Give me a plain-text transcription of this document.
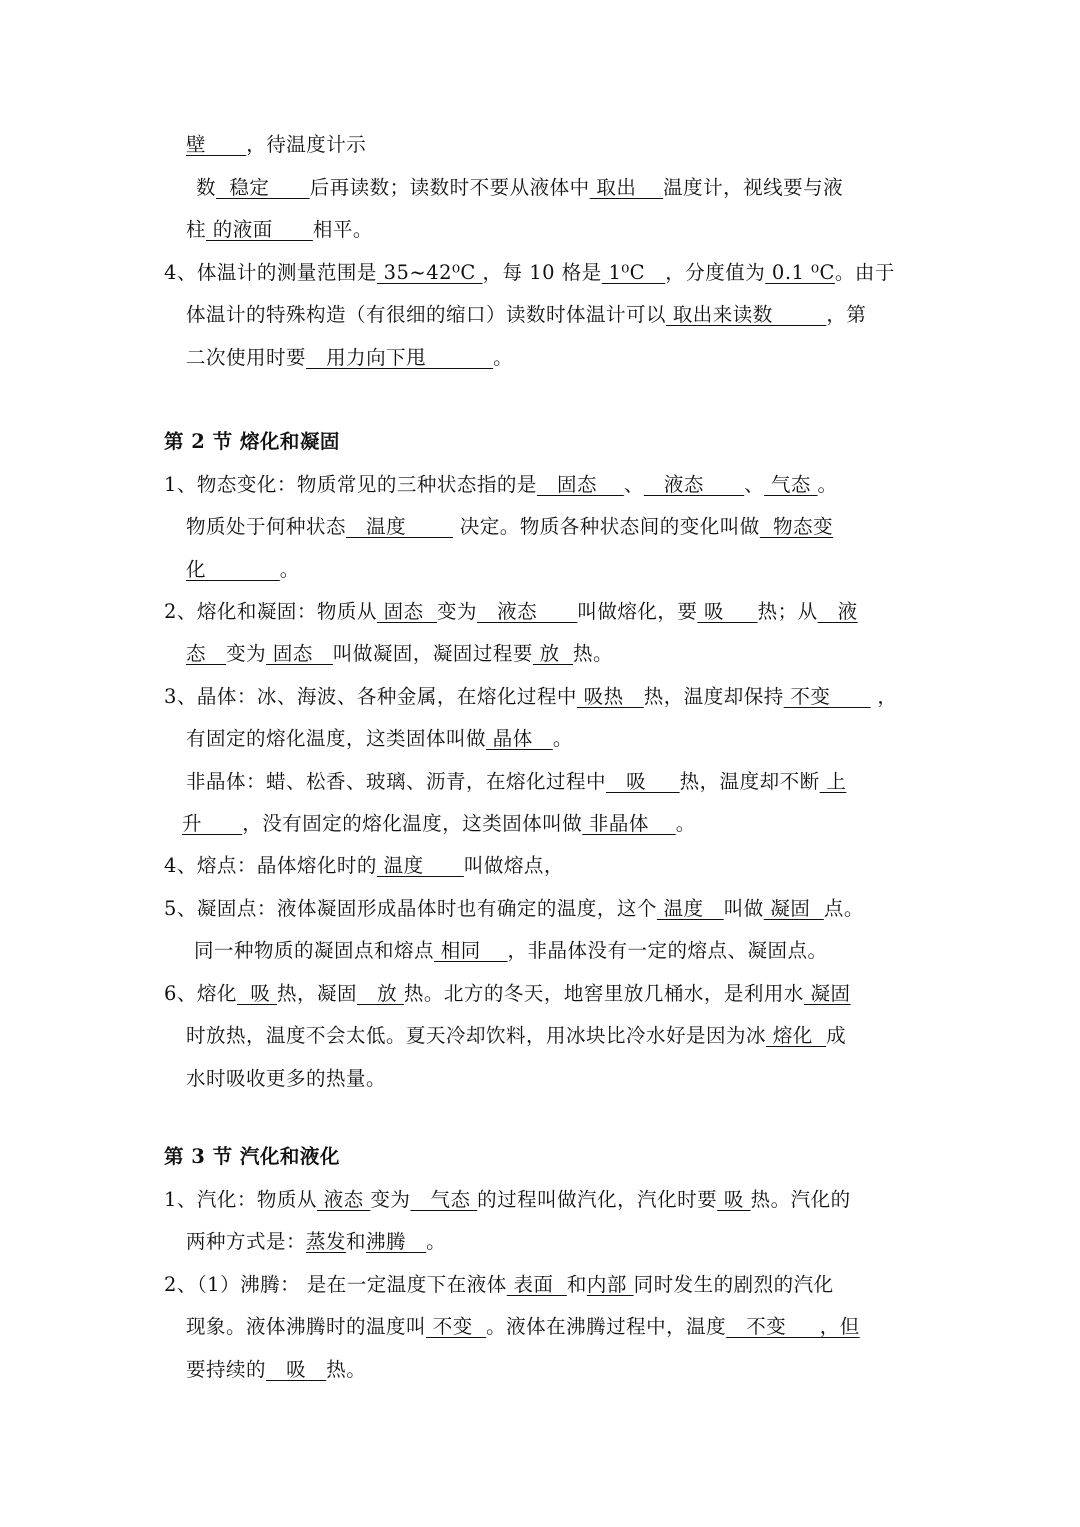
壁      ，待温度计示
数  稳定      后再读数；读数时不要从液体中 取出    温度计，视线要与液
柱 的液面      相平。
4、体温计的测量范围是 35~42⁰C ，每 10 格是 1⁰C   ，分度值为 0.1 ⁰C。由于
体温计的特殊构造（有很细的缩口）读数时体温计可以 取出来读数        ，第
二次使用时要   用力向下甩          。
第 2 节 熔化和凝固
1、物态变化：物质常见的三种状态指的是   固态    、   液态      、 气态 。
物质处于何种状态   温度        决定。物质各种状态间的变化叫做  物态变
化           。
2、熔化和凝固：物质从 固态  变为   液态      叫做熔化，要 吸     热；从   液
态   变为 固态   叫做凝固，凝固过程要 放  热。
3、晶体：冰、海波、各种金属，在熔化过程中 吸热   热，温度却保持 不变       ，
有固定的熔化温度，这类固体叫做 晶体   。
非晶体：蜡、松香、玻璃、沥青，在熔化过程中   吸     热，温度却不断 上
升      ，没有固定的熔化温度，这类固体叫做 非晶体    。
4、熔点：晶体熔化时的 温度      叫做熔点，
5、凝固点：液体凝固形成晶体时也有确定的温度，这个 温度   叫做 凝固  点。
同一种物质的凝固点和熔点 相同    ，非晶体没有一定的熔点、凝固点。
6、熔化  吸 热，凝固   放 热。北方的冬天，地窖里放几桶水，是利用水 凝固
时放热，温度不会太低。夏天冷却饮料，用冰块比冷水好是因为冰 熔化  成
水时吸收更多的热量。
第 3 节 汽化和液化
1、汽化：物质从 液态 变为   气态 的过程叫做汽化，汽化时要 吸 热。汽化的
两种方式是：蒸发和沸腾   。
2、（1）沸腾： 是在一定温度下在液体 表面  和内部 同时发生的剧烈的汽化
现象。液体沸腾时的温度叫 不变  。液体在沸腾过程中，温度   不变     ，但
要持续的   吸   热。
